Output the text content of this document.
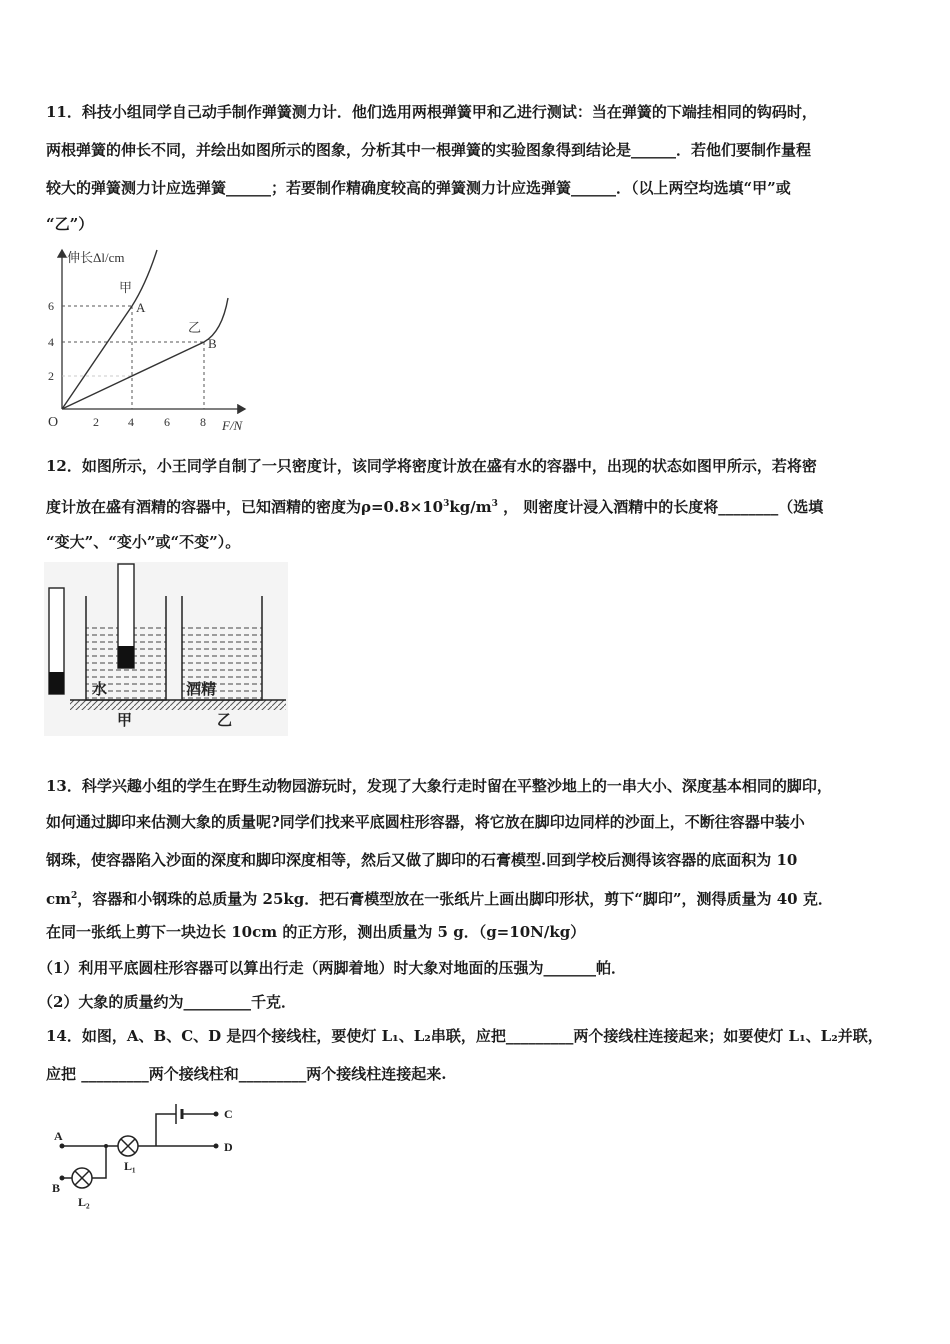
11．科技小组同学自己动手制作弹簧测力计．他们选用两根弹簧甲和乙进行测试：当在弹簧的下端挂相同的钩码时，
两根弹簧的伸长不同，并绘出如图所示的图象，分析其中一根弹簧的实验图象得到结论是______．若他们要制作量程
较大的弹簧测力计应选弹簧______；若要制作精确度较高的弹簧测力计应选弹簧______．（以上两空均选填“甲”或
“乙”）
伸长Δl/cm
F/N
O
2
4
6
2 4	6	8
甲
A
乙
B
12．如图所示，小王同学自制了一只密度计，该同学将密度计放在盛有水的容器中，出现的状态如图甲所示，若将密
度计放在盛有酒精的容器中，已知酒精的密度为$\rho=0.8\times 10^3kg/m^3$ ， 则密度计浸入酒精中的长度将________（选填
“变大”、“变小”或“不变”）。
水	酒精
甲	乙
13．科学兴趣小组的学生在野生动物园游玩时，发现了大象行走时留在平整沙地上的一串大小、深度基本相同的脚印，
如何通过脚印来估测大象的质量呢?同学们找来平底圆柱形容器，将它放在脚印边同样的沙面上，不断往容器中装小
钢珠，使容器陷入沙面的深度和脚印深度相等，然后又做了脚印的石膏模型.回到学校后测得该容器的底面积为 10
$cm^2$，容器和小钢珠的总质量为 25kg．把石膏模型放在一张纸片上画出脚印形状，剪下“脚印”，测得质量为 40 克．
在同一张纸上剪下一块边长 10cm 的正方形，测出质量为 5 g．（g=10N/kg）
（1）利用平底圆柱形容器可以算出行走（两脚着地）时大象对地面的压强为_______帕．
（2）大象的质量约为_________千克．
14．如图，A、B、C、D 是四个接线柱，要使灯 L₁、L₂串联，应把_________两个接线柱连接起来；如要使灯 L₁、L₂并联，
应把 _________两个接线柱和_________两个接线柱连接起来.
A
B
C
D
L₁
L₂
